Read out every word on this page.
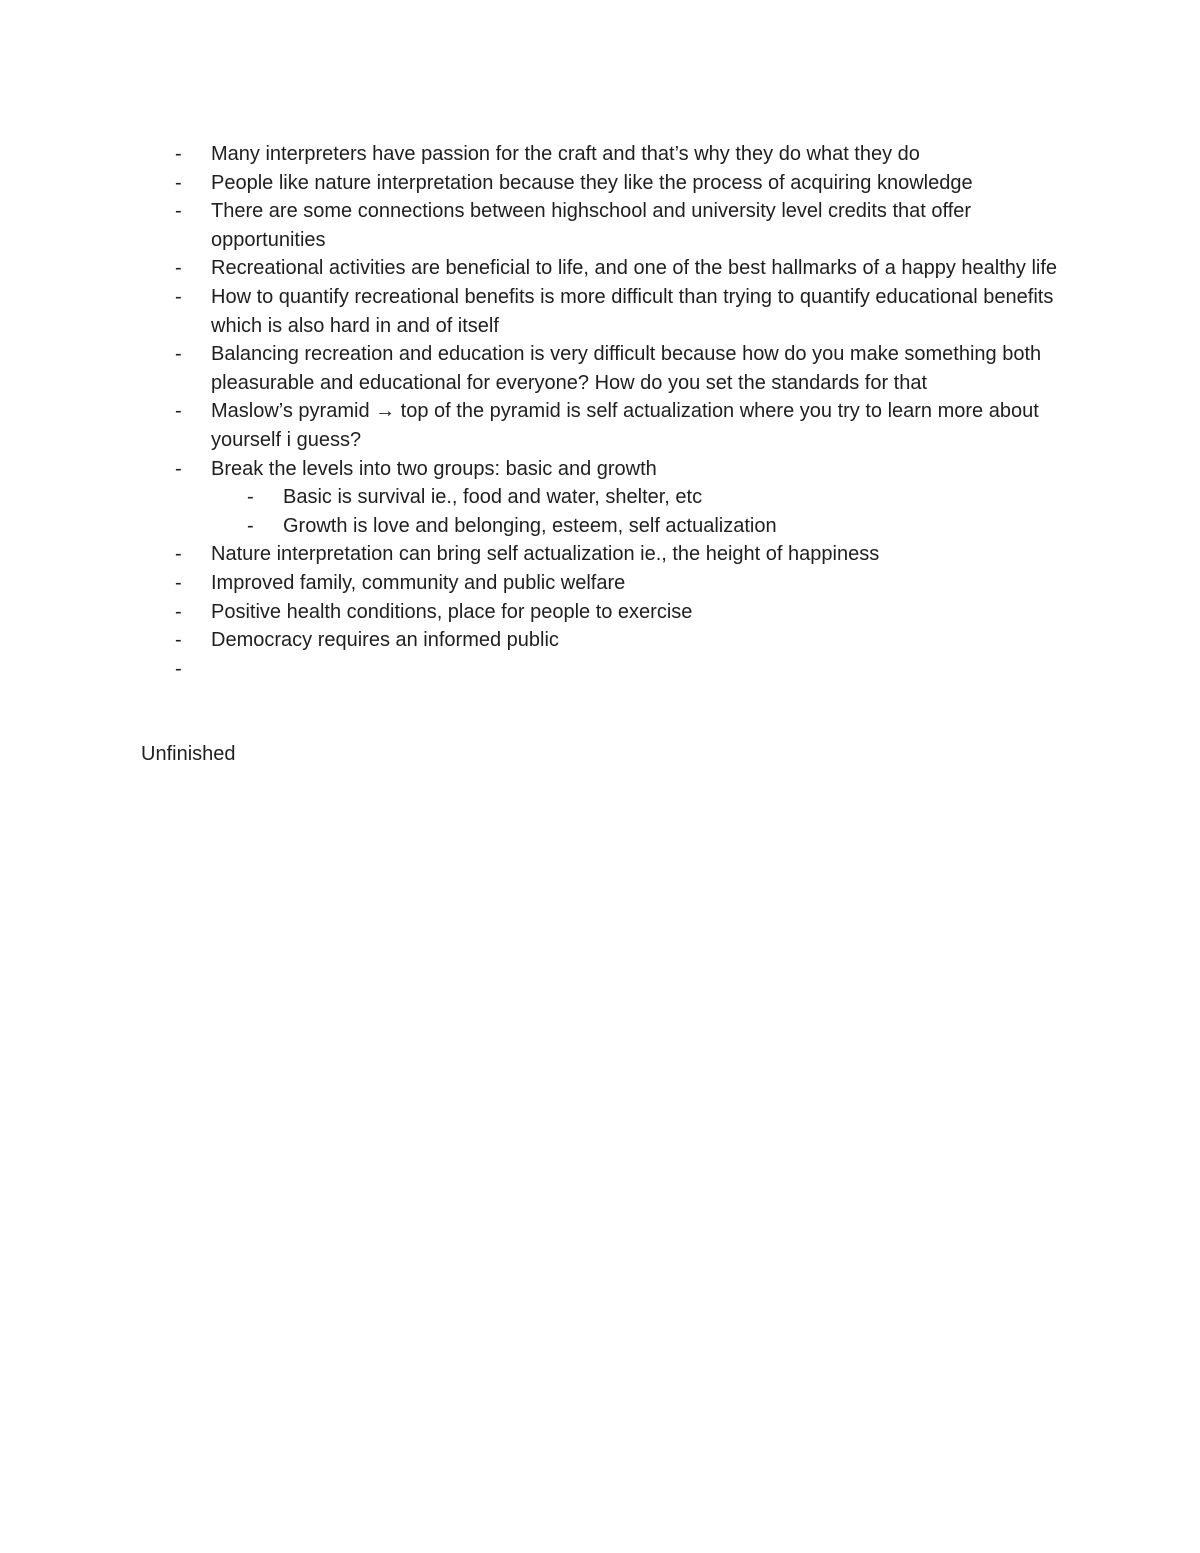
-	Many interpreters have passion for the craft and that’s why they do what they do
-	People like nature interpretation because they like the process of acquiring knowledge
-	There are some connections between highschool and university level credits that offer opportunities
-	Recreational activities are beneficial to life, and one of the best hallmarks of a happy healthy life
-	How to quantify recreational benefits is more difficult than trying to quantify educational benefits which is also hard in and of itself
-	Balancing recreation and education is very difficult because how do you make something both pleasurable and educational for everyone? How do you set the standards for that
-	Maslow’s pyramid → top of the pyramid is self actualization where you try to learn more about yourself i guess?
-	Break the levels into two groups: basic and growth
-	Basic is survival ie., food and water, shelter, etc
-	Growth is love and belonging, esteem, self actualization
-	Nature interpretation can bring self actualization ie., the height of happiness
-	Improved family, community and public welfare
-	Positive health conditions, place for people to exercise
-	Democracy requires an informed public
-

Unfinished
